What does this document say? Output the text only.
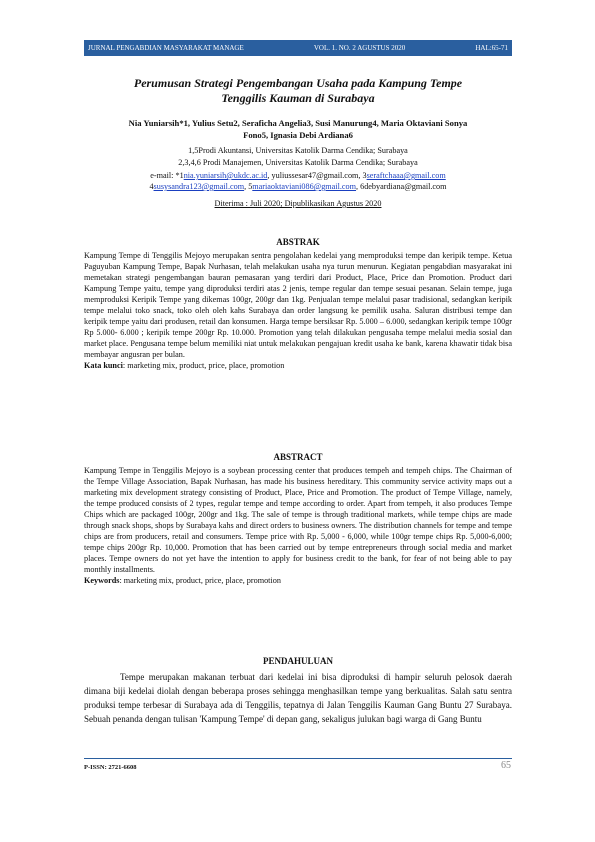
JURNAL PENGABDIAN MASYARAKAT MANAGE	VOL. 1. NO. 2 AGUSTUS 2020	HAL:65-71
Perumusan Strategi Pengembangan Usaha pada Kampung Tempe
Tenggilis Kauman di Surabaya
Nia Yuniarsih*1, Yulius Setu2, Seraficha Angelia3, Susi Manurung4, Maria Oktaviani Sonya
Fono5, Ignasia Debi Ardiana6
1,5Prodi Akuntansi, Universitas Katolik Darma Cendika; Surabaya
2,3,4,6 Prodi Manajemen, Universitas Katolik Darma Cendika; Surabaya
e-mail: *1nia.yuniarsih@ukdc.ac.id, yuliussesar47@gmail.com, 3seraftchaaa@gmail.com
4susysandra123@gmail.com, 5mariaoktaviani086@gmail.com, 6debyardiana@gmail.com
Diterima : Juli 2020; Dipublikasikan Agustus 2020
ABSTRAK
Kampung Tempe di Tenggilis Mejoyo merupakan sentra pengolahan kedelai yang memproduksi tempe dan keripik tempe. Ketua Paguyuban Kampung Tempe, Bapak Nurhasan, telah melakukan usaha nya turun menurun. Kegiatan pengabdian masyarakat ini memetakan strategi pengembangan bauran pemasaran yang terdiri dari Product, Place, Price dan Promotion. Product dari Kampung Tempe yaitu, tempe yang diproduksi terdiri atas 2 jenis, tempe regular dan tempe sesuai pesanan. Selain tempe, juga memproduksi Keripik Tempe yang dikemas 100gr, 200gr dan 1kg. Penjualan tempe melalui pasar tradisional, sedangkan keripik tempe melalui toko snack, toko oleh oleh kahs Surabaya dan order langsung ke pemilik usaha. Saluran distribusi tempe dan keripik tempe yaitu dari produsen, retail dan konsumen. Harga tempe bersiksar Rp. 5.000 – 6.000, sedangkan keripik tempe 100gr Rp 5.000- 6.000 ; keripik tempe 200gr Rp. 10.000. Promotion yang telah dilakukan pengusaha tempe melalui media sosial dan market place. Pengusana tempe belum memiliki niat untuk melakukan pengajuan kredit usaha ke bank, karena khawatir tidak bisa membayar angusran per bulan.
Kata kunci: marketing mix, product, price, place, promotion
ABSTRACT
Kampung Tempe in Tenggilis Mejoyo is a soybean processing center that produces tempeh and tempeh chips. The Chairman of the Tempe Village Association, Bapak Nurhasan, has made his business hereditary. This community service activity maps out a marketing mix development strategy consisting of Product, Place, Price and Promotion. The product of Tempe Village, namely, the tempe produced consists of 2 types, regular tempe and tempe according to order. Apart from tempeh, it also produces Tempe Chips which are packaged 100gr, 200gr and 1kg. The sale of tempe is through traditional markets, while tempe chips are made through snack shops, shops by Surabaya kahs and direct orders to business owners. The distribution channels for tempe and tempe chips are from producers, retail and consumers. Tempe price with Rp. 5,000 - 6,000, while 100gr tempe chips Rp. 5,000-6,000; tempe chips 200gr Rp. 10,000. Promotion that has been carried out by tempe entrepreneurs through social media and market places. Tempe owners do not yet have the intention to apply for business credit to the bank, for fear of not being able to pay monthly installments.
Keywords: marketing mix, product, price, place, promotion
PENDAHULUAN
Tempe merupakan makanan terbuat dari kedelai ini bisa diproduksi di hampir seluruh pelosok daerah dimana biji kedelai diolah dengan beberapa proses sehingga menghasilkan tempe yang berkualitas. Salah satu sentra produksi tempe terbesar di Surabaya ada di Tenggilis, tepatnya di Jalan Tenggilis Kauman Gang Buntu 27 Surabaya. Sebuah penanda dengan tulisan 'Kampung Tempe' di depan gang, sekaligus julukan bagi warga di Gang Buntu
P-ISSN: 2721-6608	65
